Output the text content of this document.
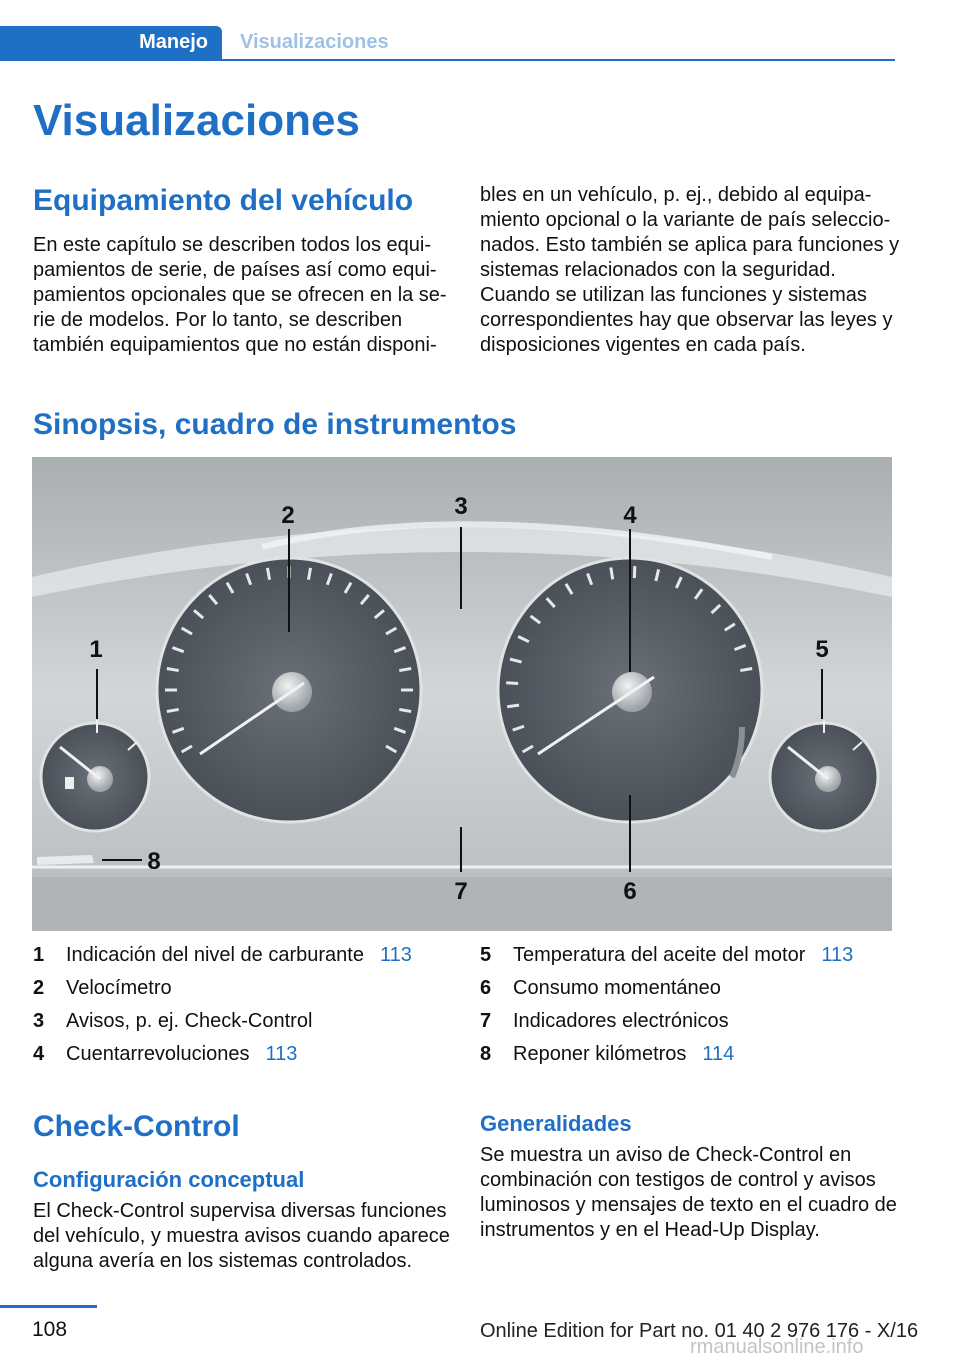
Manejo	Visualizaciones
Visualizaciones
Equipamiento del vehículo
En este capítulo se describen todos los equi-
pamientos de serie, de países así como equi-
pamientos opcionales que se ofrecen en la se-
rie de modelos. Por lo tanto, se describen
también equipamientos que no están disponi-
bles en un vehículo, p. ej., debido al equipa-
miento opcional o la variante de país seleccio-
nados. Esto también se aplica para funciones y
sistemas relacionados con la seguridad.
Cuando se utilizan las funciones y sistemas
correspondientes hay que observar las leyes y
disposiciones vigentes en cada país.
Sinopsis, cuadro de instrumentos
1
2	3	4
5
6
7
8
1	Indicación del nivel de carburante 113
2	Velocímetro
3	Avisos, p. ej. Check-Control
4	Cuentarrevoluciones 113
5	Temperatura del aceite del motor 113
6	Consumo momentáneo
7	Indicadores electrónicos
8	Reponer kilómetros 114
Check-Control
Configuración conceptual
El Check-Control supervisa diversas funciones
del vehículo, y muestra avisos cuando aparece
alguna avería en los sistemas controlados.
Generalidades
Se muestra un aviso de Check-Control en
combinación con testigos de control y avisos
luminosos y mensajes de texto en el cuadro de
instrumentos y en el Head-Up Display.
108	Online Edition for Part no. 01 40 2 976 176 - X/16
rmanualsonline.info
